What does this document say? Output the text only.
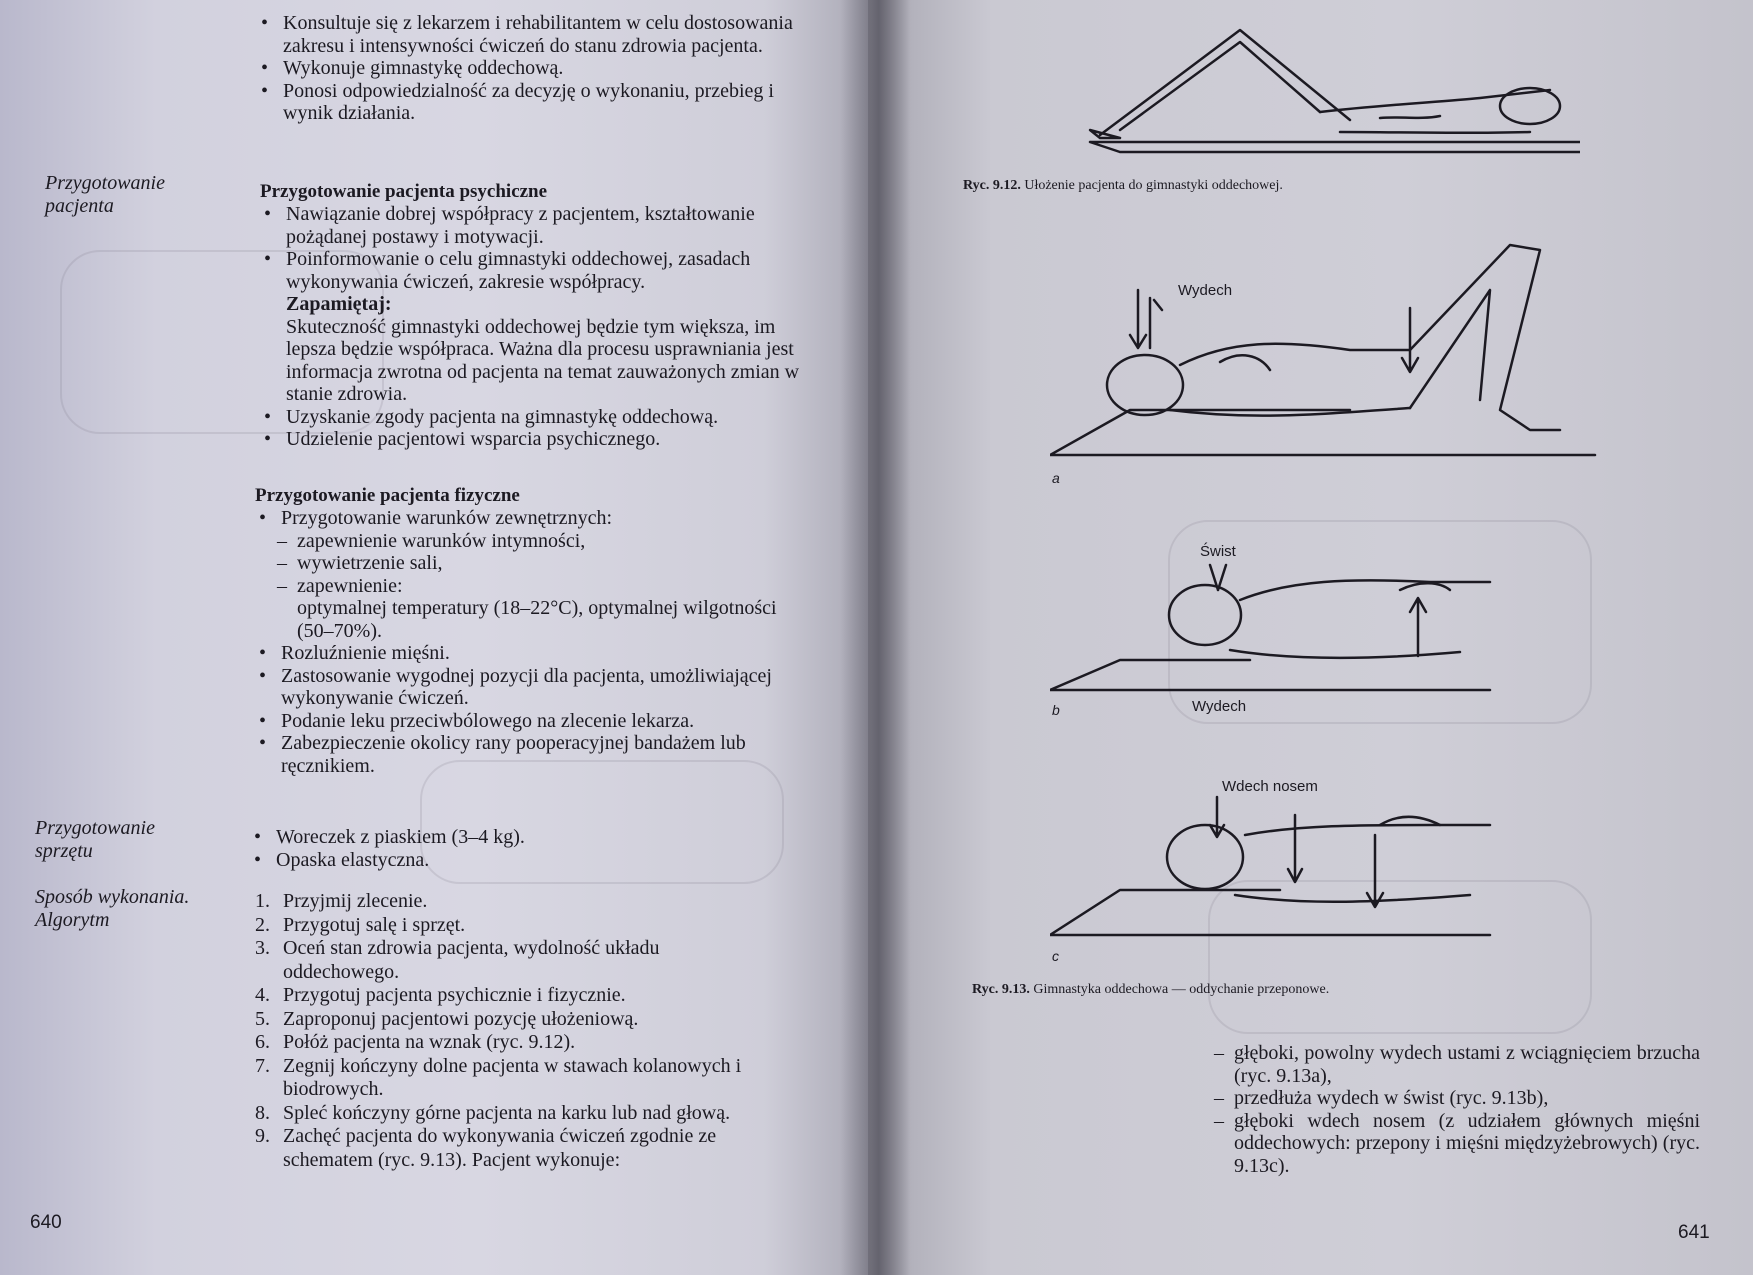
• Konsultuje się z lekarzem i rehabilitantem w celu dostosowania zakresu i intensywności ćwiczeń do stanu zdrowia pacjenta.
• Wykonuje gimnastykę oddechową.
• Ponosi odpowiedzialność za decyzję o wykonaniu, przebieg i wynik działania.
Przygotowanie pacjenta
Przygotowanie pacjenta psychiczne
• Nawiązanie dobrej współpracy z pacjentem, kształtowanie pożądanej postawy i motywacji.
• Poinformowanie o celu gimnastyki oddechowej, zasadach wykonywania ćwiczeń, zakresie współpracy.
Zapamiętaj:
Skuteczność gimnastyki oddechowej będzie tym większa, im lepsza będzie współpraca. Ważna dla procesu usprawniania jest informacja zwrotna od pacjenta na temat zauważonych zmian w stanie zdrowia.
• Uzyskanie zgody pacjenta na gimnastykę oddechową.
• Udzielenie pacjentowi wsparcia psychicznego.
Przygotowanie pacjenta fizyczne
• Przygotowanie warunków zewnętrznych:
– zapewnienie warunków intymności,
– wywietrzenie sali,
– zapewnienie:
optymalnej temperatury (18–22°C), optymalnej wilgotności (50–70%).
• Rozluźnienie mięśni.
• Zastosowanie wygodnej pozycji dla pacjenta, umożliwiającej wykonywanie ćwiczeń.
• Podanie leku przeciwbólowego na zlecenie lekarza.
• Zabezpieczenie okolicy rany pooperacyjnej bandażem lub ręcznikiem.
Przygotowanie sprzętu
• Woreczek z piaskiem (3–4 kg).
• Opaska elastyczna.
Sposób wykonania. Algorytm
1. Przyjmij zlecenie.
2. Przygotuj salę i sprzęt.
3. Oceń stan zdrowia pacjenta, wydolność układu oddechowego.
4. Przygotuj pacjenta psychicznie i fizycznie.
5. Zaproponuj pacjentowi pozycję ułożeniową.
6. Połóż pacjenta na wznak (ryc. 9.12).
7. Zegnij kończyny dolne pacjenta w stawach kolanowych i biodrowych.
8. Spleć kończyny górne pacjenta na karku lub nad głową.
9. Zachęć pacjenta do wykonywania ćwiczeń zgodnie ze schematem (ryc. 9.13). Pacjent wykonuje:
640
Ryc. 9.12. Ułożenie pacjenta do gimnastyki oddechowej.
Wydech
a
Świst
b	Wydech
Wdech nosem
c
Ryc. 9.13. Gimnastyka oddechowa — oddychanie przeponowe.
– głęboki, powolny wydech ustami z wciągnięciem brzucha (ryc. 9.13a),
– przedłuża wydech w świst (ryc. 9.13b),
– głęboki wdech nosem (z udziałem głównych mięśni oddechowych: przepony i mięśni międzyżebrowych) (ryc. 9.13c).
641
